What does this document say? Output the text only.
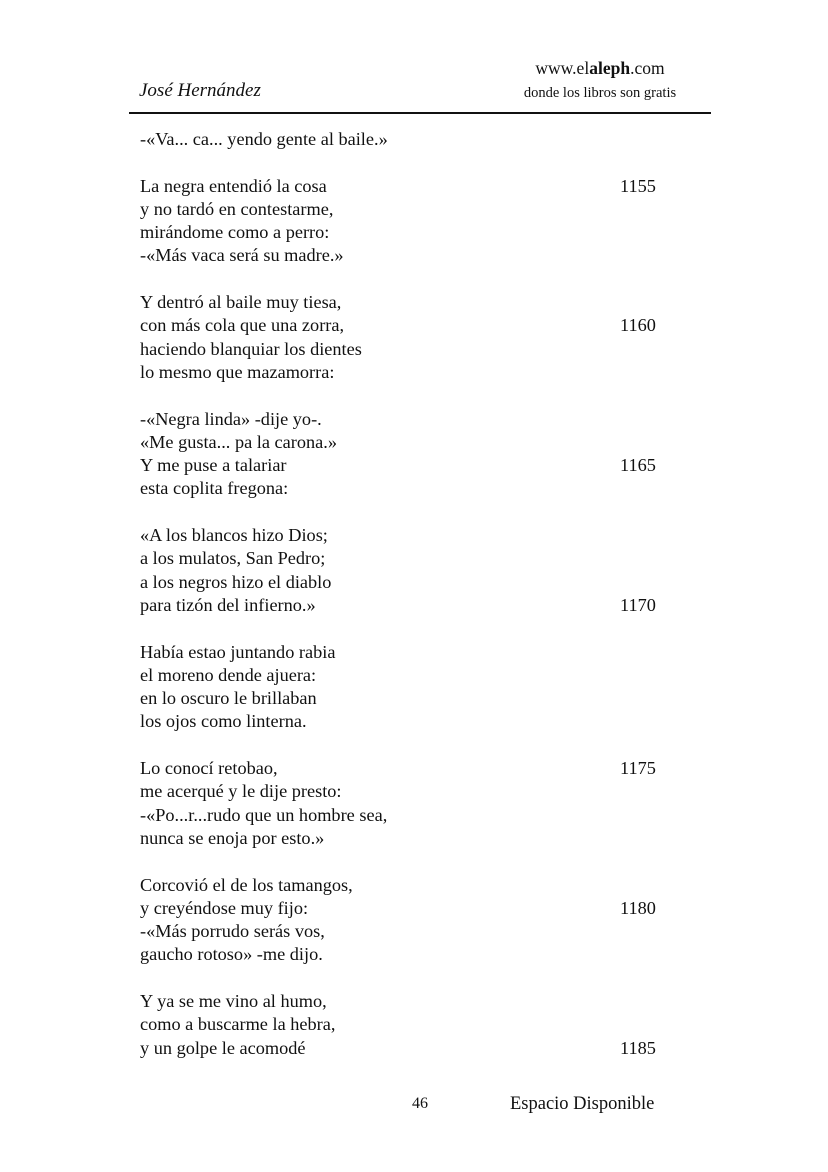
José Hernández
www.elaleph.com
donde los libros son gratis
-«Va... ca... yendo gente al baile.»
La negra entendió la cosa	1155
y no tardó en contestarme,
mirándome como a perro:
-«Más vaca será su madre.»
Y dentró al baile muy tiesa,
con más cola que una zorra,	1160
haciendo blanquiar los dientes
lo mesmo que mazamorra:
-«Negra linda» -dije yo-.
«Me gusta... pa la carona.»
Y me puse a talariar	1165
esta coplita fregona:
«A los blancos hizo Dios;
a los mulatos, San Pedro;
a los negros hizo el diablo
para tizón del infierno.»	1170
Había estao juntando rabia
el moreno dende ajuera:
en lo oscuro le brillaban
los ojos como linterna.
Lo conocí retobao,	1175
me acerqué y le dije presto:
-«Po...r...rudo que un hombre sea,
nunca se enoja por esto.»
Corcovió el de los tamangos,
y creyéndose muy fijo:	1180
-«Más porrudo serás vos,
gaucho rotoso» -me dijo.
Y ya se me vino al humo,
como a buscarme la hebra,
y un golpe le acomodé	1185
46	Espacio Disponible
